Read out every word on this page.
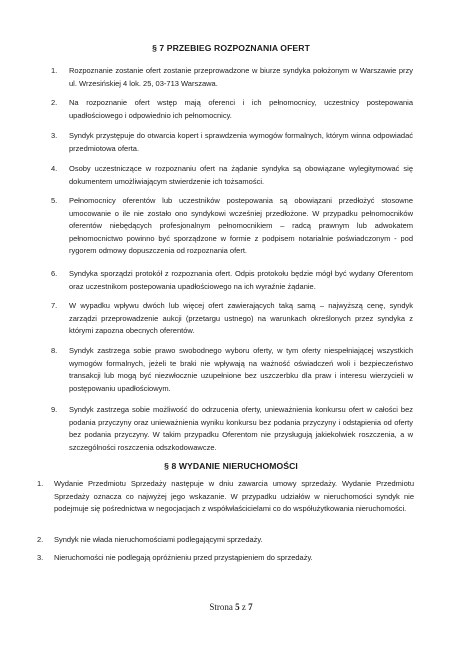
§ 7 PRZEBIEG ROZPOZNANIA OFERT
1. Rozpoznanie zostanie ofert zostanie przeprowadzone w biurze syndyka położonym w Warszawie przy ul. Wrzesińskiej 4 lok. 25, 03-713 Warszawa.
2. Na rozpoznanie ofert wstęp mają oferenci i ich pełnomocnicy, uczestnicy postepowania upadłościowego i odpowiednio ich pełnomocnicy.
3. Syndyk przystępuje do otwarcia kopert i sprawdzenia wymogów formalnych, którym winna odpowiadać przedmiotowa oferta.
4. Osoby uczestniczące w rozpoznaniu ofert na żądanie syndyka są obowiązane wylegitymować się dokumentem umożliwiającym stwierdzenie ich tożsamości.
5. Pełnomocnicy oferentów lub uczestników postepowania są obowiązani przedłożyć stosowne umocowanie o ile nie zostało ono syndykowi wcześniej przedłożone. W przypadku pełnomocników oferentów niebędących profesjonalnym pełnomocnikiem – radcą prawnym lub adwokatem pełnomocnictwo powinno być sporządzone w formie z podpisem notarialnie poświadczonym - pod rygorem odmowy dopuszczenia od rozpoznania ofert.
6. Syndyka sporządzi protokół z rozpoznania ofert. Odpis protokołu będzie mógł być wydany Oferentom oraz uczestnikom postepowania upadłościowego na ich wyraźnie żądanie.
7. W wypadku wpływu dwóch lub więcej ofert zawierających taką samą – najwyższą cenę, syndyk zarządzi przeprowadzenie aukcji (przetargu ustnego) na warunkach określonych przez syndyka z którymi zapozna obecnych oferentów.
8. Syndyk zastrzega sobie prawo swobodnego wyboru oferty, w tym oferty niespełniającej wszystkich wymogów formalnych, jeżeli te braki nie wpływają na ważność oświadczeń woli i bezpieczeństwo transakcji lub mogą być niezwłocznie uzupełnione bez uszczerbku dla praw i interesu wierzycieli w postępowaniu upadłościowym.
9. Syndyk zastrzega sobie możliwość do odrzucenia oferty, unieważnienia konkursu ofert w całości bez podania przyczyny oraz unieważnienia wyniku konkursu bez podania przyczyny i odstąpienia od oferty bez podania przyczyny. W takim przypadku Oferentom nie przysługują jakiekolwiek roszczenia, a w szczególności roszczenia odszkodowawcze.
§ 8 WYDANIE NIERUCHOMOŚCI
1. Wydanie Przedmiotu Sprzedaży następuje w dniu zawarcia umowy sprzedaży. Wydanie Przedmiotu Sprzedaży oznacza co najwyżej jego wskazanie. W przypadku udziałów w nieruchomości syndyk nie podejmuje się pośrednictwa w negocjacjach z współwłaścicielami co do współużytkowania nieruchomości.
2. Syndyk nie włada nieruchomościami podlegającymi sprzedaży.
3. Nieruchomości nie podlegają opróżnieniu przed przystąpieniem do sprzedaży.
Strona 5 z 7
